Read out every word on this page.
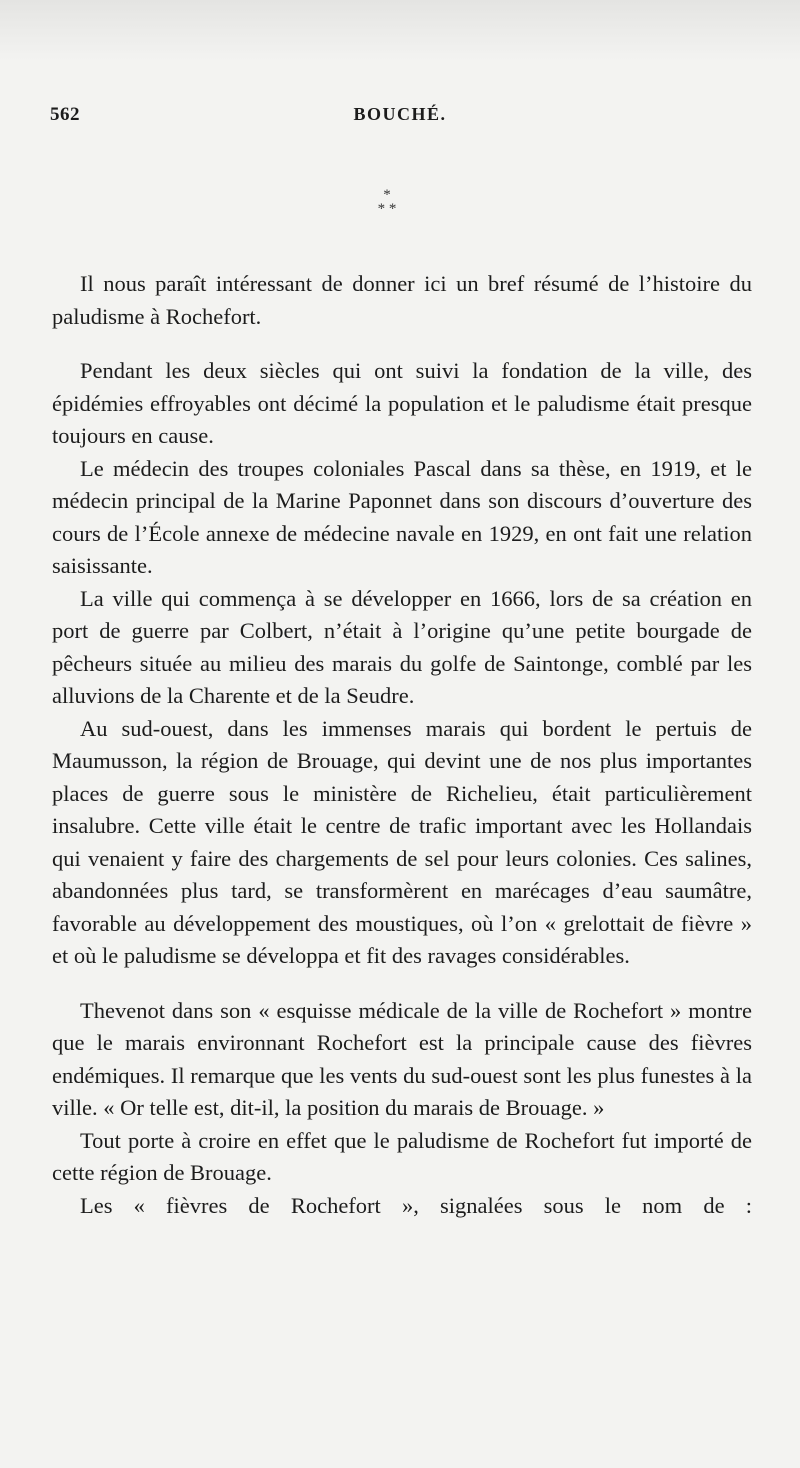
562	BOUCHÉ.
*
* *

Il nous paraît intéressant de donner ici un bref résumé de l’histoire du paludisme à Rochefort.

Pendant les deux siècles qui ont suivi la fondation de la ville, des épidémies effroyables ont décimé la population et le paludisme était presque toujours en cause.

Le médecin des troupes coloniales Pascal dans sa thèse, en 1919, et le médecin principal de la Marine Paponnet dans son discours d’ouverture des cours de l’École annexe de médecine navale en 1929, en ont fait une relation saisissante.

La ville qui commença à se développer en 1666, lors de sa création en port de guerre par Colbert, n’était à l’origine qu’une petite bourgade de pêcheurs située au milieu des marais du golfe de Saintonge, comblé par les alluvions de la Charente et de la Seudre.

Au sud-ouest, dans les immenses marais qui bordent le pertuis de Maumusson, la région de Brouage, qui devint une de nos plus importantes places de guerre sous le ministère de Richelieu, était particulièrement insalubre. Cette ville était le centre de trafic important avec les Hollandais qui venaient y faire des chargements de sel pour leurs colonies. Ces salines, abandonnées plus tard, se transformèrent en marécages d’eau saumâtre, favorable au développement des moustiques, où l’on « grelottait de fièvre » et où le paludisme se développa et fit des ravages considérables.

Thevenot dans son « esquisse médicale de la ville de Rochefort » montre que le marais environnant Rochefort est la principale cause des fièvres endémiques. Il remarque que les vents du sud-ouest sont les plus funestes à la ville. « Or telle est, dit-il, la position du marais de Brouage. »

Tout porte à croire en effet que le paludisme de Rochefort fut importé de cette région de Brouage.

Les « fièvres de Rochefort », signalées sous le nom de :
